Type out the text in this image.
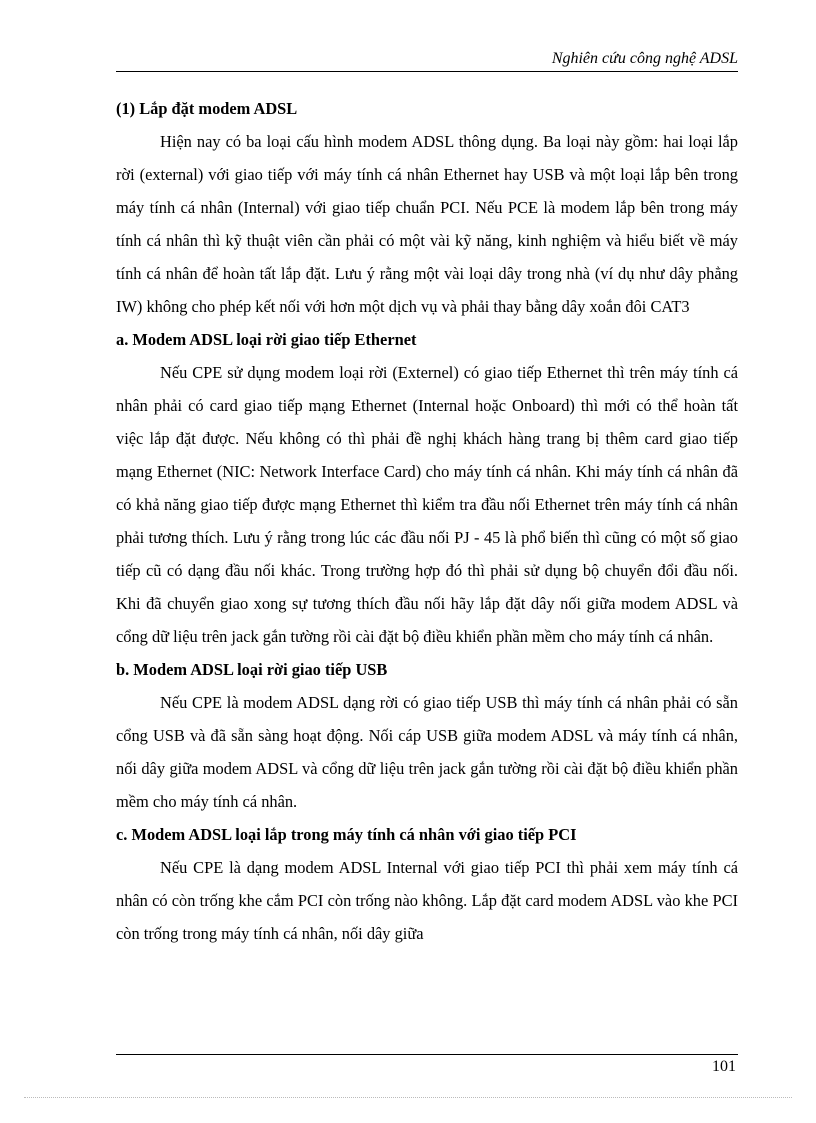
Nghiên cứu công nghệ ADSL
(1) Lắp đặt modem ADSL

Hiện nay có ba loại cấu hình modem ADSL thông dụng. Ba loại này gồm: hai loại lắp rời (external) với giao tiếp với máy tính cá nhân Ethernet hay USB và một loại lắp bên trong máy tính cá nhân (Internal) với giao tiếp chuẩn PCI. Nếu PCE là modem lắp bên trong máy tính cá nhân thì kỹ thuật viên cần phải có một vài kỹ năng, kinh nghiệm và hiểu biết về máy tính cá nhân để hoàn tất lắp đặt. Lưu ý rằng một vài loại dây trong nhà (ví dụ như dây phẳng IW) không cho phép kết nối với hơn một dịch vụ và phải thay bằng dây xoắn đôi CAT3

a. Modem ADSL loại rời giao tiếp Ethernet

Nếu CPE sử dụng modem loại rời (Externel) có giao tiếp Ethernet thì trên máy tính cá nhân phải có card giao tiếp mạng Ethernet (Internal hoặc Onboard) thì mới có thể hoàn tất việc lắp đặt được. Nếu không có thì phải đề nghị khách hàng trang bị thêm card giao tiếp mạng Ethernet (NIC: Network Interface Card) cho máy tính cá nhân. Khi máy tính cá nhân đã có khả năng giao tiếp được mạng Ethernet thì kiểm tra đầu nối Ethernet trên máy tính cá nhân phải tương thích. Lưu ý rằng trong lúc các đầu nối PJ - 45 là phổ biến thì cũng có một số giao tiếp cũ có dạng đầu nối khác. Trong trường hợp đó thì phải sử dụng bộ chuyển đổi đầu nối. Khi đã chuyển giao xong sự tương thích đầu nối hãy lắp đặt dây nối giữa modem ADSL và cổng dữ liệu trên jack gắn tường rồi cài đặt bộ điều khiển phần mềm cho máy tính cá nhân.

b. Modem ADSL loại rời giao tiếp USB

Nếu CPE là modem ADSL dạng rời có giao tiếp USB thì máy tính cá nhân phải có sẵn cổng USB và đã sẵn sàng hoạt động. Nối cáp USB giữa modem ADSL và máy tính cá nhân, nối dây giữa modem ADSL và cổng dữ liệu trên jack gắn tường rồi cài đặt bộ điều khiển phần mềm cho máy tính cá nhân.

c. Modem ADSL loại lắp trong máy tính cá nhân với giao tiếp PCI

Nếu CPE là dạng modem ADSL Internal với giao tiếp PCI thì phải xem máy tính cá nhân có còn trống khe cắm PCI còn trống nào không. Lắp đặt card modem ADSL vào khe PCI còn trống trong máy tính cá nhân, nối dây giữa

101
